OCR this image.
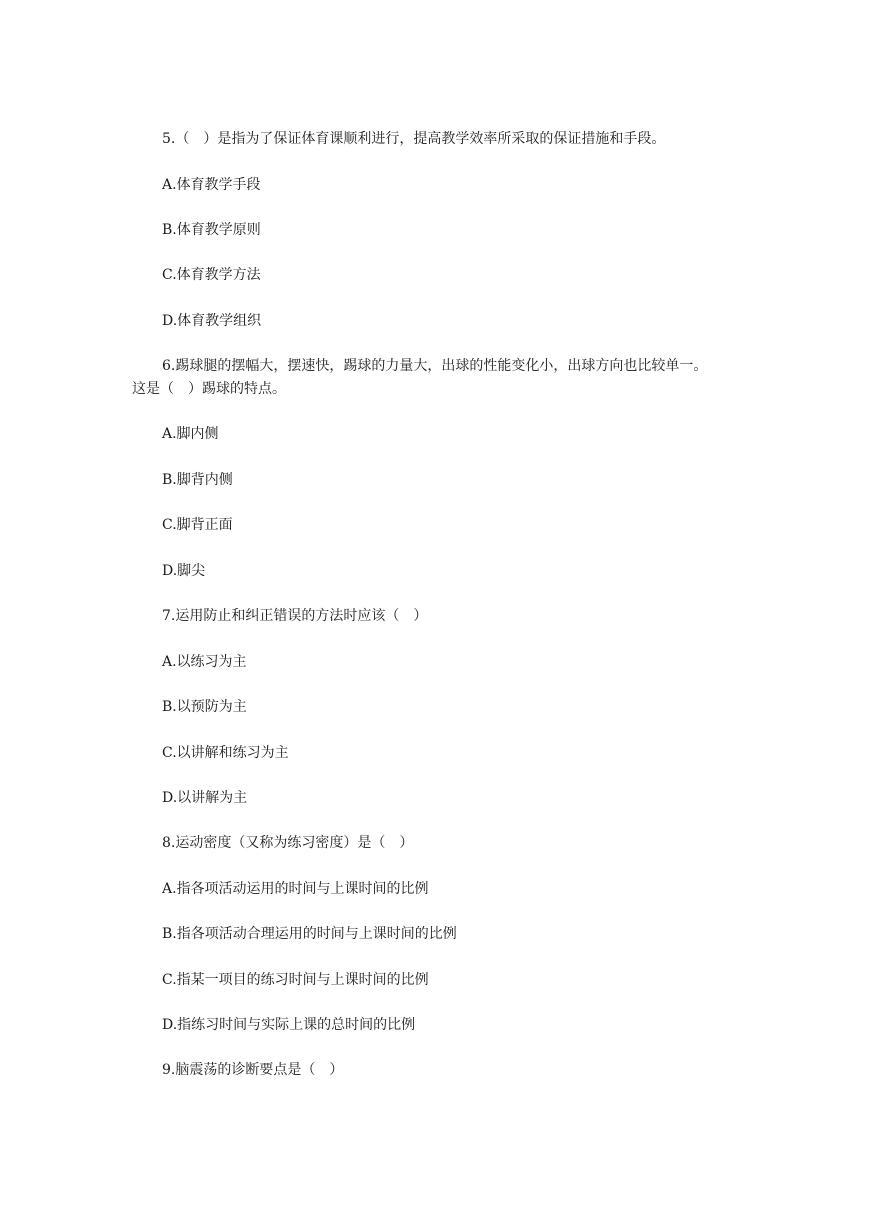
5.（　）是指为了保证体育课顺利进行，提高教学效率所采取的保证措施和手段。
A.体育教学手段
B.体育教学原则
C.体育教学方法
D.体育教学组织
6.踢球腿的摆幅大，摆速快，踢球的力量大，出球的性能变化小，出球方向也比较单一。
这是（　）踢球的特点。
A.脚内侧
B.脚背内侧
C.脚背正面
D.脚尖
7.运用防止和纠正错误的方法时应该（　）
A.以练习为主
B.以预防为主
C.以讲解和练习为主
D.以讲解为主
8.运动密度（又称为练习密度）是（　）
A.指各项活动运用的时间与上课时间的比例
B.指各项活动合理运用的时间与上课时间的比例
C.指某一项目的练习时间与上课时间的比例
D.指练习时间与实际上课的总时间的比例
9.脑震荡的诊断要点是（　）
